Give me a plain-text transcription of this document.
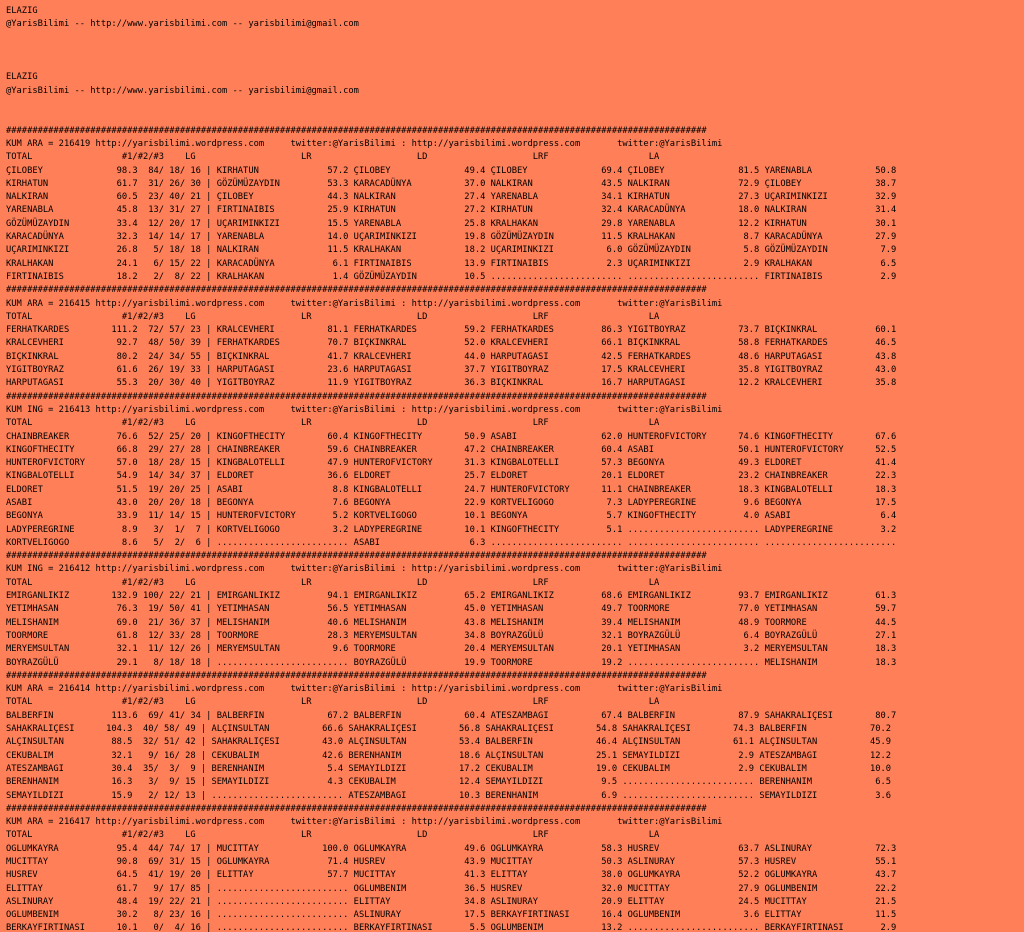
ELAZIG
@YarisBilimi -- http://www.yarisbilimi.com -- yarisbilimi@gmail.com

ELAZIG
@YarisBilimi -- http://www.yarisbilimi.com -- yarisbilimi@gmail.com

#####################################################################################################################################
KUM ARA = 216419 http://yarisbilimi.wordpress.com     twitter:@YarisBilimi : http://yarisbilimi.wordpress.com       twitter:@YarisBilimi
TOTAL                 #1/#2/#3    LG                    LR                    LD                    LRF                   LA
ÇILOBEY              98.3  84/ 18/ 16 | KIRHATUN             57.2 ÇILOBEY              49.4 ÇILOBEY              69.4 ÇILOBEY              81.5 YARENABLA            50.8
KIRHATUN             61.7  31/ 26/ 30 | GÖZÜMÜZAYDIN         53.3 KARACADÜNYA          37.0 NALKIRAN             43.5 NALKIRAN             72.9 ÇILOBEY              38.7
NALKIRAN             60.5  23/ 40/ 21 | ÇILOBEY              44.3 NALKIRAN             27.4 YARENABLA            34.1 KIRHATUN             27.3 UÇARIMINKIZI         32.9
YARENABLA            45.8  13/ 31/ 27 | FIRTINAIBIS          25.9 KIRHATUN             27.2 KIRHATUN             32.4 KARACADÜNYA          18.0 NALKIRAN             31.4
GÖZÜMÜZAYDIN         33.4  12/ 20/ 17 | UÇARIMINKIZI         15.5 YARENABLA            25.8 KRALHAKAN            29.8 YARENABLA            12.2 KIRHATUN             30.1
KARACADÜNYA          32.3  14/ 14/ 17 | YARENABLA            14.0 UÇARIMINKIZI         19.8 GÖZÜMÜZAYDIN         11.5 KRALHAKAN             8.7 KARACADÜNYA          27.9
UÇARIMINKIZI         26.8   5/ 18/ 18 | NALKIRAN             11.5 KRALHAKAN            18.2 UÇARIMINKIZI          6.0 GÖZÜMÜZAYDIN          5.8 GÖZÜMÜZAYDIN          7.9
KRALHAKAN            24.1   6/ 15/ 22 | KARACADÜNYA           6.1 FIRTINAIBIS          13.9 FIRTINAIBIS           2.3 UÇARIMINKIZI          2.9 KRALHAKAN             6.5
FIRTINAIBIS          18.2   2/  8/ 22 | KRALHAKAN             1.4 GÖZÜMÜZAYDIN         10.5 ......................... ......................... FIRTINAIBIS           2.9
#####################################################################################################################################
KUM ARA = 216415 http://yarisbilimi.wordpress.com     twitter:@YarisBilimi : http://yarisbilimi.wordpress.com       twitter:@YarisBilimi
TOTAL                 #1/#2/#3    LG                    LR                    LD                    LRF                   LA
FERHATKARDES        111.2  72/ 57/ 23 | KRALCEVHERI          81.1 FERHATKARDES         59.2 FERHATKARDES         86.3 YIGITBOYRAZ          73.7 BIÇKINKRAL           60.1
KRALCEVHERI          92.7  48/ 50/ 39 | FERHATKARDES         70.7 BIÇKINKRAL           52.0 KRALCEVHERI          66.1 BIÇKINKRAL           58.8 FERHATKARDES         46.5
BIÇKINKRAL           80.2  24/ 34/ 55 | BIÇKINKRAL           41.7 KRALCEVHERI          44.0 HARPUTAGASI          42.5 FERHATKARDES         48.6 HARPUTAGASI          43.8
YIGITBOYRAZ          61.6  26/ 19/ 33 | HARPUTAGASI          23.6 HARPUTAGASI          37.7 YIGITBOYRAZ          17.5 KRALCEVHERI          35.8 YIGITBOYRAZ          43.0
HARPUTAGASI          55.3  20/ 30/ 40 | YIGITBOYRAZ          11.9 YIGITBOYRAZ          36.3 BIÇKINKRAL           16.7 HARPUTAGASI          12.2 KRALCEVHERI          35.8
#####################################################################################################################################
KUM ING = 216413 http://yarisbilimi.wordpress.com     twitter:@YarisBilimi : http://yarisbilimi.wordpress.com       twitter:@YarisBilimi
TOTAL                 #1/#2/#3    LG                    LR                    LD                    LRF                   LA
CHAINBREAKER         76.6  52/ 25/ 20 | KINGOFTHECITY        60.4 KINGOFTHECITY        50.9 ASABI                62.0 HUNTEROFVICTORY      74.6 KINGOFTHECITY        67.6
KINGOFTHECITY        66.8  29/ 27/ 28 | CHAINBREAKER         59.6 CHAINBREAKER         47.2 CHAINBREAKER         60.4 ASABI                50.1 HUNTEROFVICTORY      52.5
HUNTEROFVICTORY      57.0  18/ 28/ 15 | KINGBALOTELLI        47.9 HUNTEROFVICTORY      31.3 KINGBALOTELLI        57.3 BEGONYA              49.3 ELDORET              41.4
KINGBALOTELLI        54.9  14/ 34/ 37 | ELDORET              36.6 ELDORET              25.7 ELDORET              20.1 ELDORET              23.2 CHAINBREAKER         22.3
ELDORET              51.5  19/ 20/ 25 | ASABI                 8.8 KINGBALOTELLI        24.7 HUNTEROFVICTORY      11.1 CHAINBREAKER         18.3 KINGBALOTELLI        18.3
ASABI                43.0  20/ 20/ 18 | BEGONYA               7.6 BEGONYA              22.9 KORTVELIGOGO          7.3 LADYPEREGRINE         9.6 BEGONYA              17.5
BEGONYA              33.9  11/ 14/ 15 | HUNTEROFVICTORY       5.2 KORTVELIGOGO         10.1 BEGONYA               5.7 KINGOFTHECITY         4.0 ASABI                 6.4
LADYPEREGRINE         8.9   3/  1/  7 | KORTVELIGOGO          3.2 LADYPEREGRINE        10.1 KINGOFTHECITY         5.1 ......................... LADYPEREGRINE         3.2
KORTVELIGOGO          8.6   5/  2/  6 | ......................... ASABI                 6.3 ......................... ......................... .........................
#####################################################################################################################################
KUM ING = 216412 http://yarisbilimi.wordpress.com     twitter:@YarisBilimi : http://yarisbilimi.wordpress.com       twitter:@YarisBilimi
TOTAL                 #1/#2/#3    LG                    LR                    LD                    LRF                   LA
EMIRGANLIKIZ        132.9 100/ 22/ 21 | EMIRGANLIKIZ         94.1 EMIRGANLIKIZ         65.2 EMIRGANLIKIZ         68.6 EMIRGANLIKIZ         93.7 EMIRGANLIKIZ         61.3
YETIMHASAN           76.3  19/ 50/ 41 | YETIMHASAN           56.5 YETIMHASAN           45.0 YETIMHASAN           49.7 TOORMORE             77.0 YETIMHASAN           59.7
MELISHANIM           69.0  21/ 36/ 37 | MELISHANIM           40.6 MELISHANIM           43.8 MELISHANIM           39.4 MELISHANIM           48.9 TOORMORE             44.5
TOORMORE             61.8  12/ 33/ 28 | TOORMORE             28.3 MERYEMSULTAN         34.8 BOYRAZGÜLÜ           32.1 BOYRAZGÜLÜ            6.4 BOYRAZGÜLÜ           27.1
MERYEMSULTAN         32.1  11/ 12/ 26 | MERYEMSULTAN          9.6 TOORMORE             20.4 MERYEMSULTAN         20.1 YETIMHASAN            3.2 MERYEMSULTAN         18.3
BOYRAZGÜLÜ           29.1   8/ 18/ 18 | ......................... BOYRAZGÜLÜ           19.9 TOORMORE             19.2 ......................... MELISHANIM           18.3
#####################################################################################################################################
KUM ARA = 216414 http://yarisbilimi.wordpress.com     twitter:@YarisBilimi : http://yarisbilimi.wordpress.com       twitter:@YarisBilimi
TOTAL                 #1/#2/#3    LG                    LR                    LD                    LRF                   LA
BALBERFIN           113.6  69/ 41/ 34 | BALBERFIN            67.2 BALBERFIN            60.4 ATESZAMBAGI          67.4 BALBERFIN            87.9 SAHAKRALIÇESI        80.7
SAHAKRALIÇESI      104.3  40/ 58/ 49 | ALÇINSULTAN          66.6 SAHAKRALIÇESI        56.8 SAHAKRALIÇESI        54.8 SAHAKRALIÇESI        74.3 BALBERFIN            70.2
ALÇINSULTAN         88.5  32/ 51/ 42 | SAHAKRALIÇESI        43.0 ALÇINSULTAN          53.4 BALBERFIN            46.4 ALÇINSULTAN          61.1 ALÇINSULTAN          45.9
CEKUBALIM           32.1   9/ 16/ 28 | CEKUBALIM            42.6 BERENHANIM           18.6 ALÇINSULTAN          25.1 SEMAYILDIZI           2.9 ATESZAMBAGI          12.2
ATESZAMBAGI         30.4  35/  3/  9 | BERENHANIM            5.4 SEMAYILDIZI          17.2 CEKUBALIM            19.0 CEKUBALIM             2.9 CEKUBALIM            10.0
BERENHANIM          16.3   3/  9/ 15 | SEMAYILDIZI           4.3 CEKUBALIM            12.4 SEMAYILDIZI           9.5 ......................... BERENHANIM            6.5
SEMAYILDIZI         15.9   2/ 12/ 13 | ......................... ATESZAMBAGI          10.3 BERENHANIM            6.9 ......................... SEMAYILDIZI           3.6
#####################################################################################################################################
KUM ARA = 216417 http://yarisbilimi.wordpress.com     twitter:@YarisBilimi : http://yarisbilimi.wordpress.com       twitter:@YarisBilimi
TOTAL                 #1/#2/#3    LG                    LR                    LD                    LRF                   LA
OGLUMKAYRA           95.4  44/ 74/ 17 | MUCITTAY            100.0 OGLUMKAYRA           49.6 OGLUMKAYRA           58.3 HUSREV               63.7 ASLINURAY            72.3
MUCITTAY             90.8  69/ 31/ 15 | OGLUMKAYRA           71.4 HUSREV               43.9 MUCITTAY             50.3 ASLINURAY            57.3 HUSREV               55.1
HUSREV               64.5  41/ 19/ 20 | ELITTAY              57.7 MUCITTAY             41.3 ELITTAY              38.0 OGLUMKAYRA           52.2 OGLUMKAYRA           43.7
ELITTAY              61.7   9/ 17/ 85 | ......................... OGLUMBENIM           36.5 HUSREV               32.0 MUCITTAY             27.9 OGLUMBENIM           22.2
ASLINURAY            48.4  19/ 22/ 21 | ......................... ELITTAY              34.8 ASLINURAY            20.9 ELITTAY              24.5 MUCITTAY             21.5
OGLUMBENIM           30.2   8/ 23/ 16 | ......................... ASLINURAY            17.5 BERKAYFIRTINASI      16.4 OGLUMBENIM            3.6 ELITTAY              11.5
BERKAYFIRTINASI      10.1   0/  4/ 16 | ......................... BERKAYFIRTINASI       5.5 OGLUMBENIM           13.2 ......................... BERKAYFIRTINASI       2.9
